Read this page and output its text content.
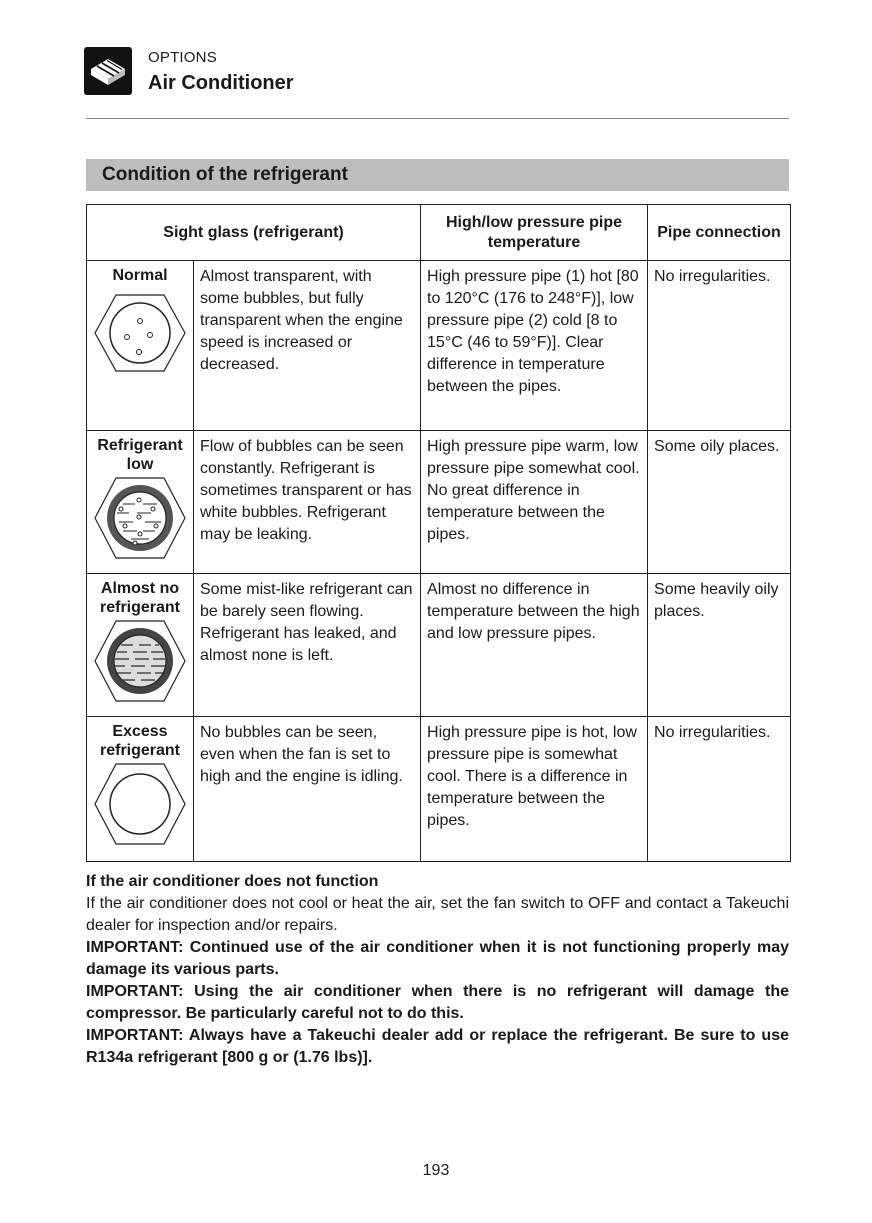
OPTIONS
Air Conditioner
Condition of the refrigerant
Sight glass (refrigerant)		High/low pressure pipe temperature	Pipe connection

Normal	Almost transparent, with some bubbles, but fully transparent when the engine speed is increased or decreased.	High pressure pipe (1) hot [80 to 120°C (176 to 248°F)], low pressure pipe (2) cold [8 to 15°C (46 to 59°F)]. Clear difference in temperature between the pipes.	No irregularities.

Refrigerant
low	Flow of bubbles can be seen constantly. Refrigerant is sometimes transparent or has white bubbles. Refrigerant may be leaking.	High pressure pipe warm, low pressure pipe somewhat cool. No great difference in temperature between the pipes.	Some oily places.

Almost no
refrigerant	Some mist-like refrigerant can be barely seen flowing. Refrigerant has leaked, and almost none is left.	Almost no difference in temperature between the high and low pressure pipes.	Some heavily oily places.

Excess
refrigerant	No bubbles can be seen, even when the fan is set to high and the engine is idling.	High pressure pipe is hot, low pressure pipe is somewhat cool. There is a difference in temperature between the pipes.	No irregularities.

If the air conditioner does not function

If the air conditioner does not cool or heat the air, set the fan switch to OFF and contact a Takeuchi dealer for inspection and/or repairs.

IMPORTANT: Continued use of the air conditioner when it is not functioning properly may damage its various parts.

IMPORTANT: Using the air conditioner when there is no refrigerant will damage the compressor. Be particularly careful not to do this.

IMPORTANT: Always have a Takeuchi dealer add or replace the refrigerant. Be sure to use R134a refrigerant [800 g or (1.76 lbs)].

193
